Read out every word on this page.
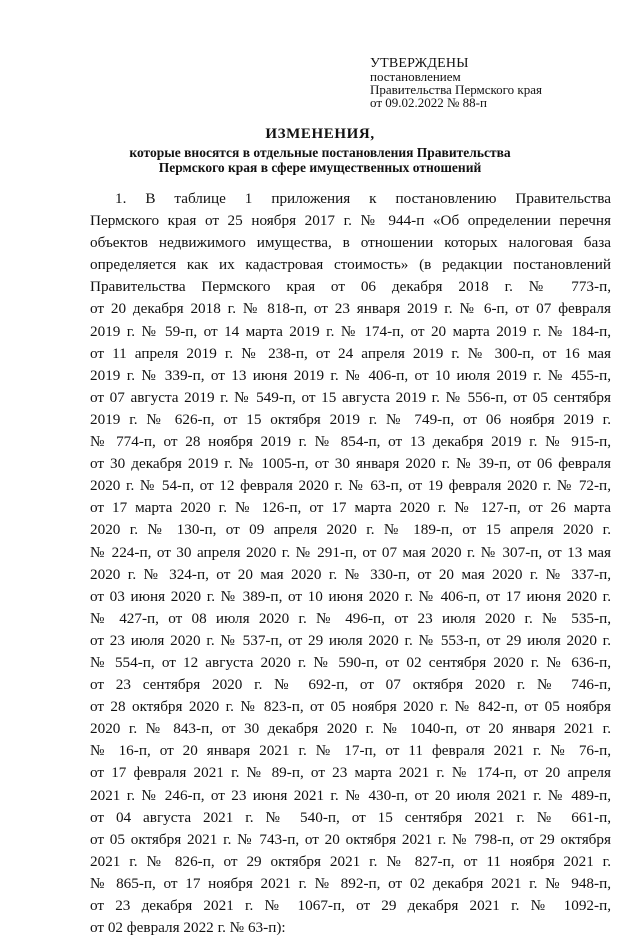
УТВЕРЖДЕНЫ
постановлением
Правительства Пермского края
от 09.02.2022 № 88-п
ИЗМЕНЕНИЯ,
которые вносятся в отдельные постановления Правительства
Пермского края в сфере имущественных отношений
1. В таблице 1 приложения к постановлению Правительства
Пермского края от 25 ноября 2017 г. № 944-п «Об определении перечня
объектов недвижимого имущества, в отношении которых налоговая база
определяется как их кадастровая стоимость» (в редакции постановлений
Правительства Пермского края от 06 декабря 2018 г. № 773-п,
от 20 декабря 2018 г. № 818-п, от 23 января 2019 г. № 6-п, от 07 февраля
2019 г. № 59-п, от 14 марта 2019 г. № 174-п, от 20 марта 2019 г. № 184-п,
от 11 апреля 2019 г. № 238-п, от 24 апреля 2019 г. № 300-п, от 16 мая
2019 г. № 339-п, от 13 июня 2019 г. № 406-п, от 10 июля 2019 г. № 455-п,
от 07 августа 2019 г. № 549-п, от 15 августа 2019 г. № 556-п, от 05 сентября
2019 г. № 626-п, от 15 октября 2019 г. № 749-п, от 06 ноября 2019 г.
№ 774-п, от 28 ноября 2019 г. № 854-п, от 13 декабря 2019 г. № 915-п,
от 30 декабря 2019 г. № 1005-п, от 30 января 2020 г. № 39-п, от 06 февраля
2020 г. № 54-п, от 12 февраля 2020 г. № 63-п, от 19 февраля 2020 г. № 72-п,
от 17 марта 2020 г. № 126-п, от 17 марта 2020 г. № 127-п, от 26 марта
2020 г. № 130-п, от 09 апреля 2020 г. № 189-п, от 15 апреля 2020 г.
№ 224-п, от 30 апреля 2020 г. № 291-п, от 07 мая 2020 г. № 307-п, от 13 мая
2020 г. № 324-п, от 20 мая 2020 г. № 330-п, от 20 мая 2020 г. № 337-п,
от 03 июня 2020 г. № 389-п, от 10 июня 2020 г. № 406-п, от 17 июня 2020 г.
№ 427-п, от 08 июля 2020 г. № 496-п, от 23 июля 2020 г. № 535-п,
от 23 июля 2020 г. № 537-п, от 29 июля 2020 г. № 553-п, от 29 июля 2020 г.
№ 554-п, от 12 августа 2020 г. № 590-п, от 02 сентября 2020 г. № 636-п,
от 23 сентября 2020 г. № 692-п, от 07 октября 2020 г. № 746-п,
от 28 октября 2020 г. № 823-п, от 05 ноября 2020 г. № 842-п, от 05 ноября
2020 г. № 843-п, от 30 декабря 2020 г. № 1040-п, от 20 января 2021 г.
№ 16-п, от 20 января 2021 г. № 17-п, от 11 февраля 2021 г. № 76-п,
от 17 февраля 2021 г. № 89-п, от 23 марта 2021 г. № 174-п, от 20 апреля
2021 г. № 246-п, от 23 июня 2021 г. № 430-п, от 20 июля 2021 г. № 489-п,
от 04 августа 2021 г. № 540-п, от 15 сентября 2021 г. № 661-п,
от 05 октября 2021 г. № 743-п, от 20 октября 2021 г. № 798-п, от 29 октября
2021 г. № 826-п, от 29 октября 2021 г. № 827-п, от 11 ноября 2021 г.
№ 865-п, от 17 ноября 2021 г. № 892-п, от 02 декабря 2021 г. № 948-п,
от 23 декабря 2021 г. № 1067-п, от 29 декабря 2021 г. № 1092-п,
от 02 февраля 2022 г. № 63-п):
